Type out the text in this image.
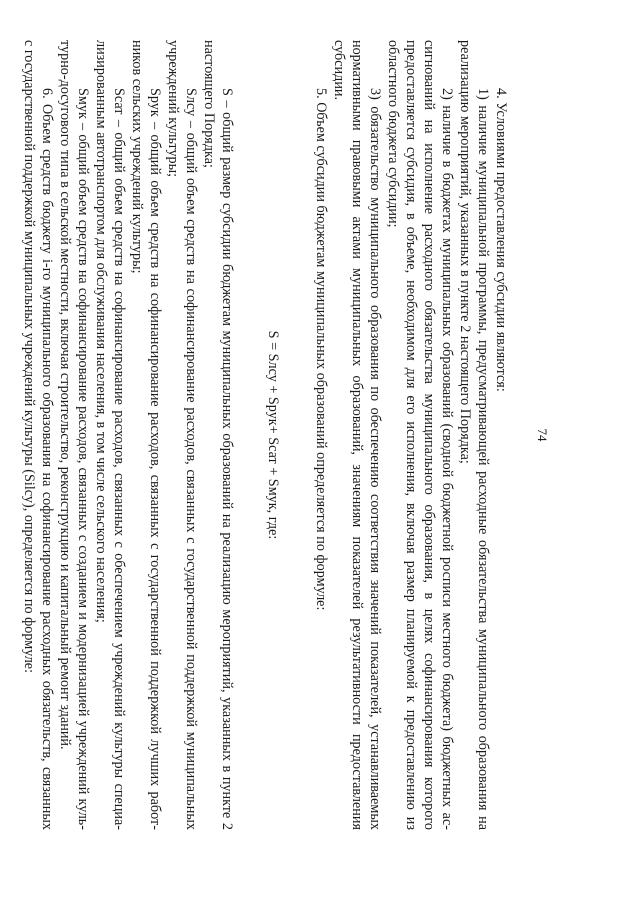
74
4. Условиями предоставления субсидии являются:
1) наличие муниципальной программы, предусматривающей расходные обязательства муниципального образования на
реализацию мероприятий, указанных в пункте 2 настоящего Порядка;
2) наличие в бюджетах муниципальных образований (сводной бюджетной росписи местного бюджета) бюджетных ас-
сигнований на исполнение расходного обязательства муниципального образования, в целях софинансирования которого
предоставляется субсидия, в объеме, необходимом для его исполнения, включая размер планируемой к предоставлению из
областного бюджета субсидии;
3) обязательство муниципального образования по обеспечению соответствия значений показателей, устанавливаемых
нормативными правовыми актами муниципальных образований, значениям показателей результативности предоставления
субсидии.
5. Объем субсидии бюджетам муниципальных образований определяется по формуле:
S = Sлсу + Sрук+ Sсат + Sмук, где:
S – общий размер субсидии бюджетам муниципальных образований на реализацию мероприятий, указанных в пункте 2
настоящего Порядка;
Sлсу – общий объем средств на софинансирование расходов, связанных с государственной поддержкой муниципальных
учреждений культуры;
Sрук – общий объем средств на софинансирование расходов, связанных с государственной поддержкой лучших работ-
ников сельских учреждений культуры;
Sсат – общий объем средств на софинансирование расходов, связанных с обеспечением учреждений культуры специа-
лизированным автотранспортом для обслуживания населения, в том числе сельского населения;
Sмук – общий объем средств на софинансирование расходов, связанных с созданием и модернизацией учреждений куль-
турно-досугового типа в сельской местности, включая строительство, реконструкцию и капитальный ремонт зданий.
6. Объем средств бюджету i-го муниципального образования на софинансирование расходных обязательств, связанных
с государственной поддержкой муниципальных учреждений культуры (Silсу), определяется по формуле:
